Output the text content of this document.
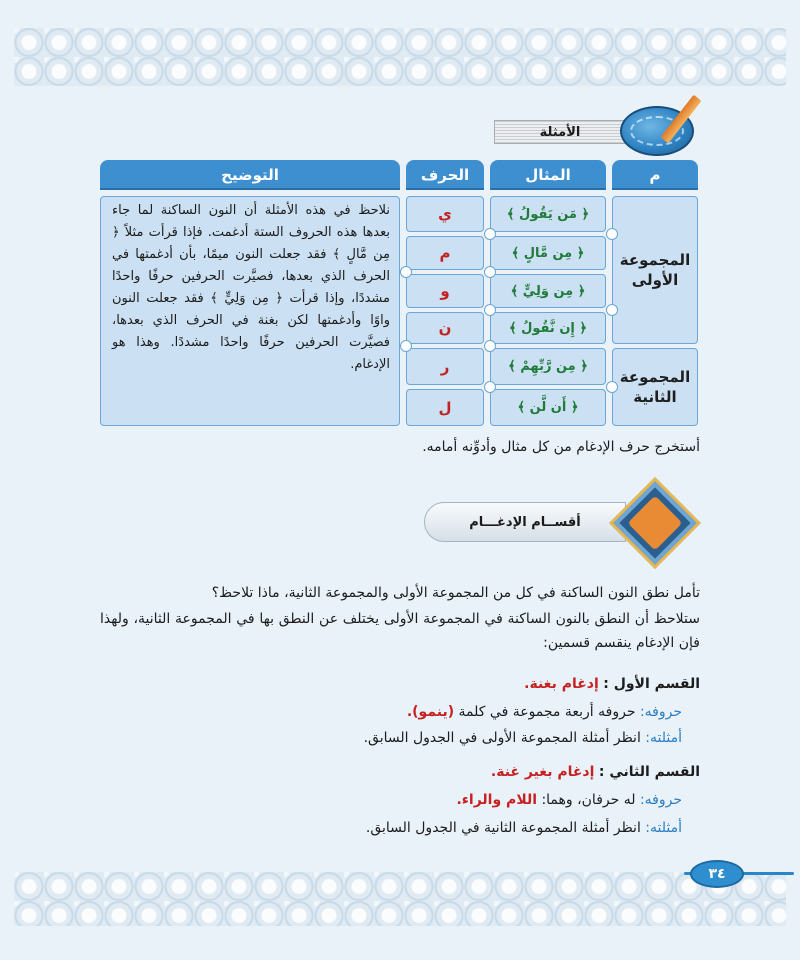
الأمثلة
م
المثال
الحرف
التوضيح
المجموعة الأولى
المجموعة الثانية
﴿ مَن يَقُولُ ﴾
﴿ مِن مَّالٍ ﴾
﴿ مِن وَلِيٍّ ﴾
﴿ إِن نَّقُولُ ﴾
﴿ مِن رَّبِّهِمْ ﴾
﴿ أَن لَّن ﴾
ي
م
و
ن
ر
ل
نلاحظ في هذه الأمثلة أن النون الساكنة لما جاء بعدها هذه الحروف الستة أدغمت. فإذا قرأت مثلاً ﴿ مِن مَّالٍ ﴾ فقد جعلت النون ميمًا، بأن أدغمتها في الحرف الذي بعدها، فصيَّرت الحرفين حرفًا واحدًا مشددًا، وإذا قرأت ﴿ مِن وَلِيٍّ ﴾ فقد جعلت النون واوًا وأدغمتها لكن بغنة في الحرف الذي بعدها، فصيَّرت الحرفين حرفًا واحدًا مشددًا. وهذا هو الإدغام.
أستخرج حرف الإدغام من كل مثال وأدوِّنه أمامه.
أقســام الإدغـــام
تأمل نطق النون الساكنة في كل من المجموعة الأولى والمجموعة الثانية، ماذا تلاحظ؟
ستلاحظ أن النطق بالنون الساكنة في المجموعة الأولى يختلف عن النطق بها في المجموعة الثانية، ولهذا فإن الإدغام ينقسم قسمين:
القسم الأول : إدغام بغنة.
حروفه: حروفه أربعة مجموعة في كلمة (ينمو).
أمثلته: انظر أمثلة المجموعة الأولى في الجدول السابق.
القسم الثاني : إدغام بغير غنة.
حروفه: له حرفان، وهما: اللام والراء.
أمثلته: انظر أمثلة المجموعة الثانية في الجدول السابق.
٣٤
